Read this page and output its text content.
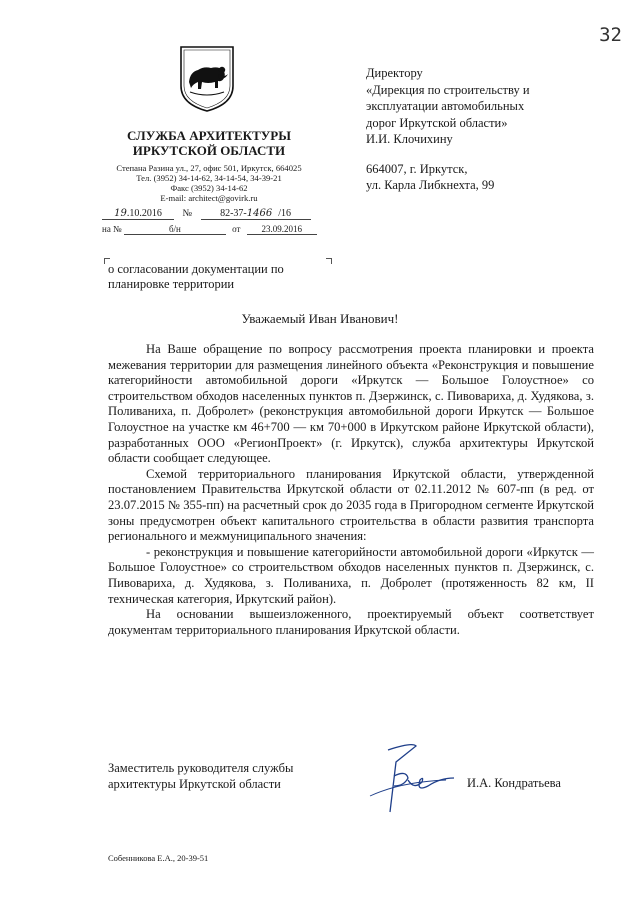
32
СЛУЖБА АРХИТЕКТУРЫ
ИРКУТСКОЙ ОБЛАСТИ
Степана Разина ул., 27, офис 501, Иркутск, 664025
Тел. (3952) 34-14-62, 34-14-54, 34-39-21
Факс (3952) 34-14-62
E-mail: architect@govirk.ru
19.10.2016 №	82-37-1466 /16
на №	б/н	от 23.09.2016
Директору
«Дирекция по строительству и
эксплуатации автомобильных
дорог Иркутской области»
И.И. Клочихину
664007, г. Иркутск,
ул. Карла Либкнехта, 99
о согласовании документации по
планировке территории
Уважаемый Иван Иванович!

На Ваше обращение по вопросу рассмотрения проекта планировки и проекта межевания территории для размещения линейного объекта «Реконструкция и повышение категорийности автомобильной дороги «Иркутск — Большое Голоустное» со строительством обходов населенных пунктов п. Дзержинск, с. Пивовариха, д. Худякова, з. Поливаниха, п. Добролет» (реконструкция автомобильной дороги Иркутск — Большое Голоустное на участке км 46+700 — км 70+000 в Иркутском районе Иркутской области), разработанных ООО «РегионПроект» (г. Иркутск), служба архитектуры Иркутской области сообщает следующее.

Схемой территориального планирования Иркутской области, утвержденной постановлением Правительства Иркутской области от 02.11.2012 № 607-пп (в ред. от 23.07.2015 № 355-пп) на расчетный срок до 2035 года в Пригородном сегменте Иркутской зоны предусмотрен объект капитального строительства в области развития транспорта регионального и межмуниципального значения:

- реконструкция и повышение категорийности автомобильной дороги «Иркутск — Большое Голоустное» со строительством обходов населенных пунктов п. Дзержинск, с. Пивовариха, д. Худякова, з. Поливаниха, п. Добролет (протяженность 82 км, II техническая категория, Иркутский район).

На основании вышеизложенного, проектируемый объект соответствует документам территориального планирования Иркутской области.

Заместитель руководителя службы
архитектуры Иркутской области	И.А. Кондратьева
Собенникова Е.А., 20-39-51
